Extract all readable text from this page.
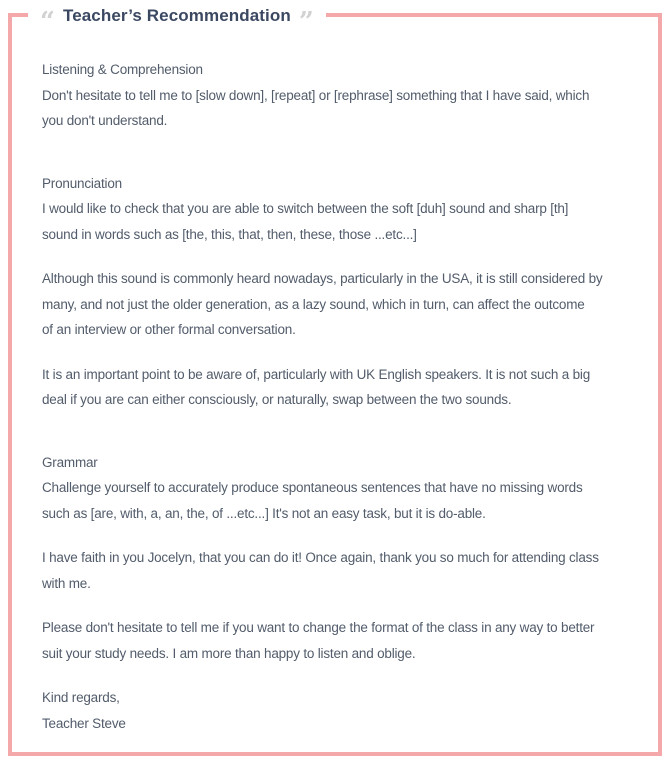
“ Teacher’s Recommendation ”
Listening & Comprehension
Don't hesitate to tell me to [slow down], [repeat] or [rephrase] something that I have said, which
you don't understand.
Pronunciation
I would like to check that you are able to switch between the soft [duh] sound and sharp [th]
sound in words such as [the, this, that, then, these, those ...etc...]
Although this sound is commonly heard nowadays, particularly in the USA, it is still considered by
many, and not just the older generation, as a lazy sound, which in turn, can affect the outcome
of an interview or other formal conversation.
It is an important point to be aware of, particularly with UK English speakers. It is not such a big
deal if you are can either consciously, or naturally, swap between the two sounds.
Grammar
Challenge yourself to accurately produce spontaneous sentences that have no missing words
such as [are, with, a, an, the, of ...etc...] It's not an easy task, but it is do-able.
I have faith in you Jocelyn, that you can do it! Once again, thank you so much for attending class
with me.
Please don't hesitate to tell me if you want to change the format of the class in any way to better
suit your study needs. I am more than happy to listen and oblige.
Kind regards,
Teacher Steve
